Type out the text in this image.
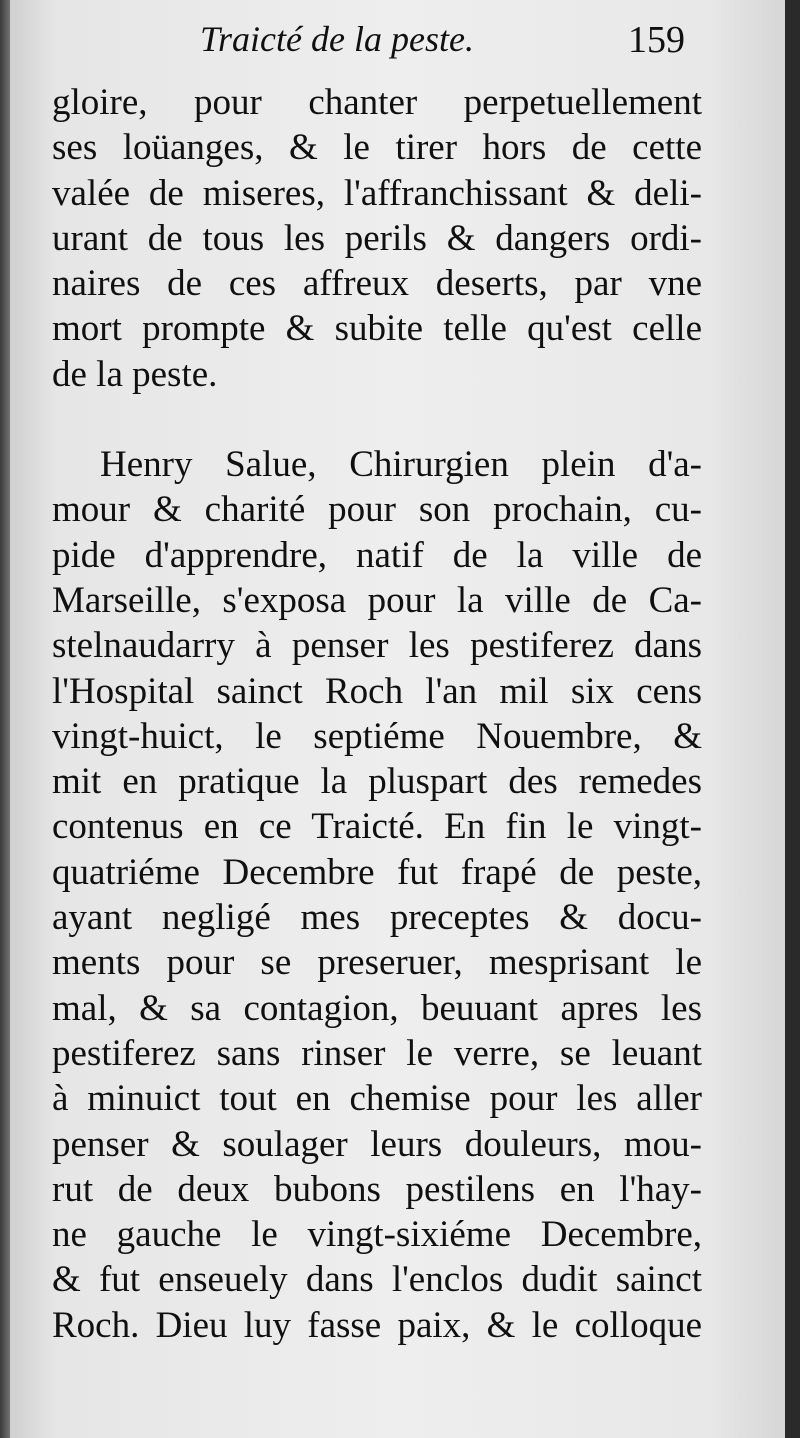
Traicté de la peste.	159
gloire, pour chanter perpetuellement
ses loüanges, & le tirer hors de cette
valée de miseres, l'affranchissant & deli-
urant de tous les perils & dangers ordi-
naires de ces affreux deserts, par vne
mort prompte & subite telle qu'est celle
de la peste.
Henry Salue, Chirurgien plein d'a-
mour & charité pour son prochain, cu-
pide d'apprendre, natif de la ville de
Marseille, s'exposa pour la ville de Ca-
stelnaudarry à penser les pestiferez dans
l'Hospital sainct Roch l'an mil six cens
vingt-huict, le septiéme Nouembre, &
mit en pratique la pluspart des remedes
contenus en ce Traicté. En fin le vingt-
quatriéme Decembre fut frapé de peste,
ayant negligé mes preceptes & docu-
ments pour se preseruer, mesprisant le
mal, & sa contagion, beuuant apres les
pestiferez sans rinser le verre, se leuant
à minuict tout en chemise pour les aller
penser & soulager leurs douleurs, mou-
rut de deux bubons pestilens en l'hay-
ne gauche le vingt-sixiéme Decembre,
& fut enseuely dans l'enclos dudit sainct
Roch. Dieu luy fasse paix, & le colloque
